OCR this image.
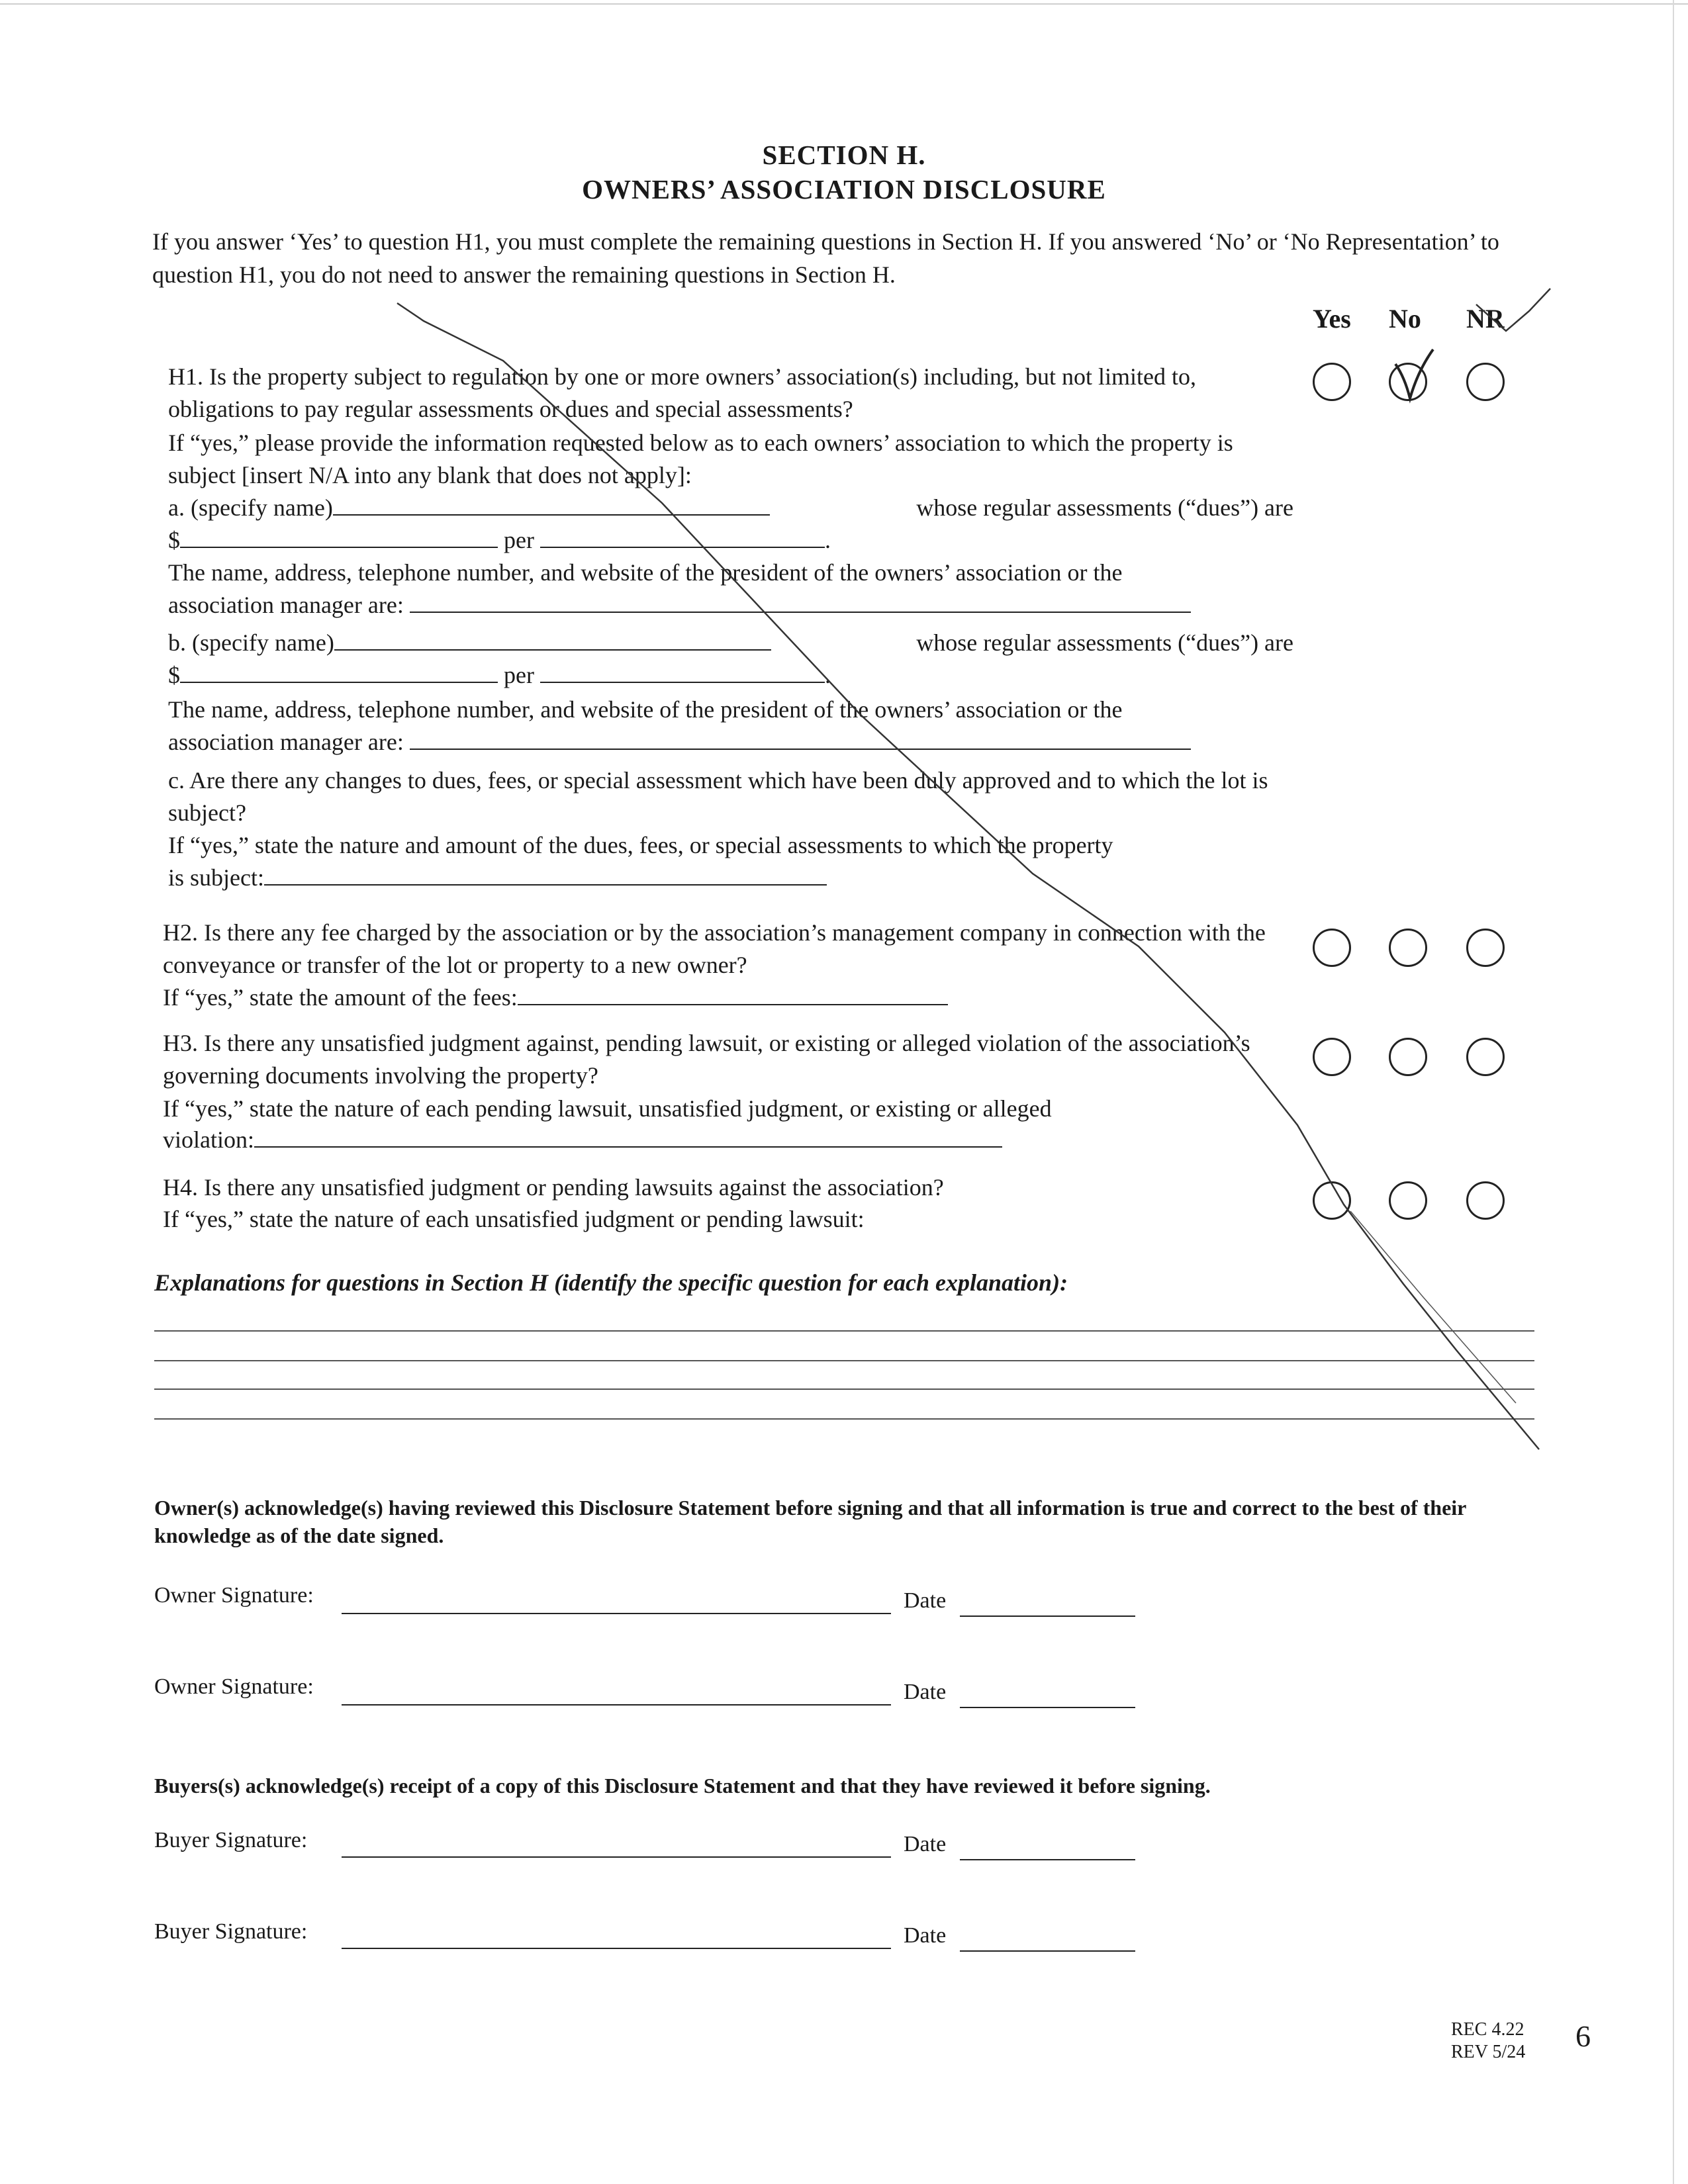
SECTION H.
OWNERS’ ASSOCIATION DISCLOSURE
If you answer ‘Yes’ to question H1, you must complete the remaining questions in Section H. If you answered ‘No’ or ‘No Representation’ to question H1, you do not need to answer the remaining questions in Section H.
Yes No NR
H1. Is the property subject to regulation by one or more owners’ association(s) including, but not limited to, obligations to pay regular assessments or dues and special assessments?
If “yes,” please provide the information requested below as to each owners’ association to which the property is subject [insert N/A into any blank that does not apply]:
a. (specify name)	whose regular assessments (“dues”) are
$	per	.
The name, address, telephone number, and website of the president of the owners’ association or the
association manager are:
b. (specify name)	whose regular assessments (“dues”) are
$	per	.
The name, address, telephone number, and website of the president of the owners’ association or the
association manager are:
c. Are there any changes to dues, fees, or special assessment which have been duly approved and to which the lot is subject?
If “yes,” state the nature and amount of the dues, fees, or special assessments to which the property
is subject:
H2. Is there any fee charged by the association or by the association’s management company in connection with the conveyance or transfer of the lot or property to a new owner?
If “yes,” state the amount of the fees:
H3. Is there any unsatisfied judgment against, pending lawsuit, or existing or alleged violation of the association’s governing documents involving the property?
If “yes,” state the nature of each pending lawsuit, unsatisfied judgment, or existing or alleged
violation:
H4. Is there any unsatisfied judgment or pending lawsuits against the association?
If “yes,” state the nature of each unsatisfied judgment or pending lawsuit:
Explanations for questions in Section H (identify the specific question for each explanation):
Owner(s) acknowledge(s) having reviewed this Disclosure Statement before signing and that all information is true and correct to the best of their knowledge as of the date signed.
Owner Signature:	Date
Owner Signature:	Date
Buyers(s) acknowledge(s) receipt of a copy of this Disclosure Statement and that they have reviewed it before signing.
Buyer Signature:	Date
Buyer Signature:	Date
REC 4.22
REV 5/24 6
